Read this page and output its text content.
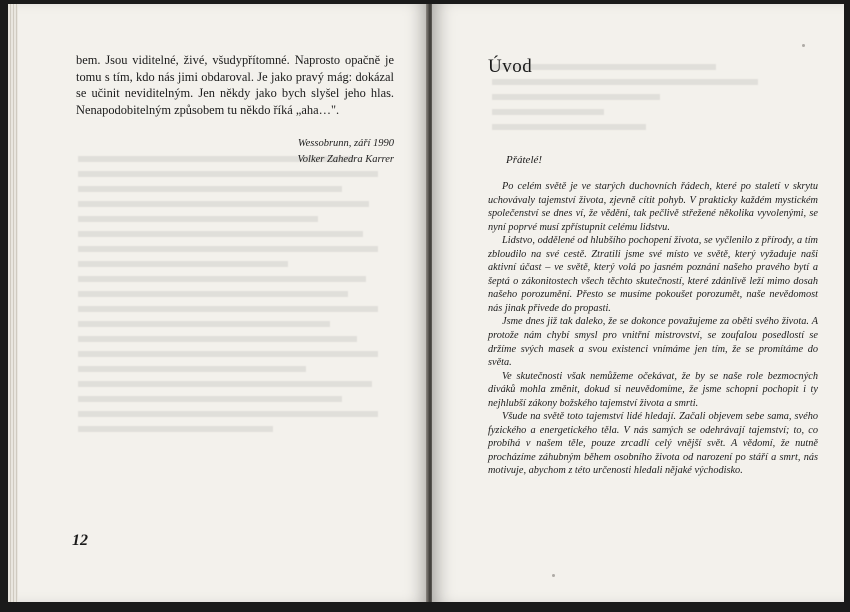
bem. Jsou viditelné, živé, všudypřítomné. Naprosto opačně je tomu s tím, kdo nás jimi obdaroval. Je jako pravý mág: dokázal se učinit neviditelným. Jen někdy jako bych slyšel jeho hlas. Nenapodobitelným způsobem tu někdo říká „aha…".

Wessobrunn, září 1990
Volker Zahedra Karrer
12
Úvod
Přátelé!

Po celém světě je ve starých duchovních řádech, které po staletí v skrytu uchovávaly tajemství života, zjevně cítit pohyb. V prakticky každém mystickém společenství se dnes ví, že vědění, tak pečlivě střežené několika vyvolenými, se nyní poprvé musí zpřístupnit celému lidstvu.

Lidstvo, oddělené od hlubšího pochopení života, se vyčlenilo z přírody, a tím zbloudilo na své cestě. Ztratili jsme své místo ve světě, který vyžaduje naši aktivní účast – ve světě, který volá po jasném poznání našeho pravého bytí a šeptá o zákonitostech všech těchto skutečností, které zdánlivě leží mimo dosah našeho porozumění. Přesto se musíme pokoušet porozumět, naše nevědomost nás jinak přivede do propasti.

Jsme dnes již tak daleko, že se dokonce považujeme za oběti svého života. A protože nám chybí smysl pro vnitřní mistrovství, se zoufalou posedlostí se držíme svých masek a svou existenci vnímáme jen tím, že se promítáme do světa.

Ve skutečnosti však nemůžeme očekávat, že by se naše role bezmocných diváků mohla změnit, dokud si neuvědomíme, že jsme schopni pochopit i ty nejhlubší zákony božského tajemství života a smrti.

Všude na světě toto tajemství lidé hledají. Začali objevem sebe sama, svého fyzického a energetického těla. V nás samých se odehrávají tajemství; to, co probíhá v našem těle, pouze zrcadlí celý vnější svět. A vědomí, že nutně procházíme záhubným během osobního života od narození po stáří a smrt, nás motivuje, abychom z této určenosti hledali nějaké východisko.
